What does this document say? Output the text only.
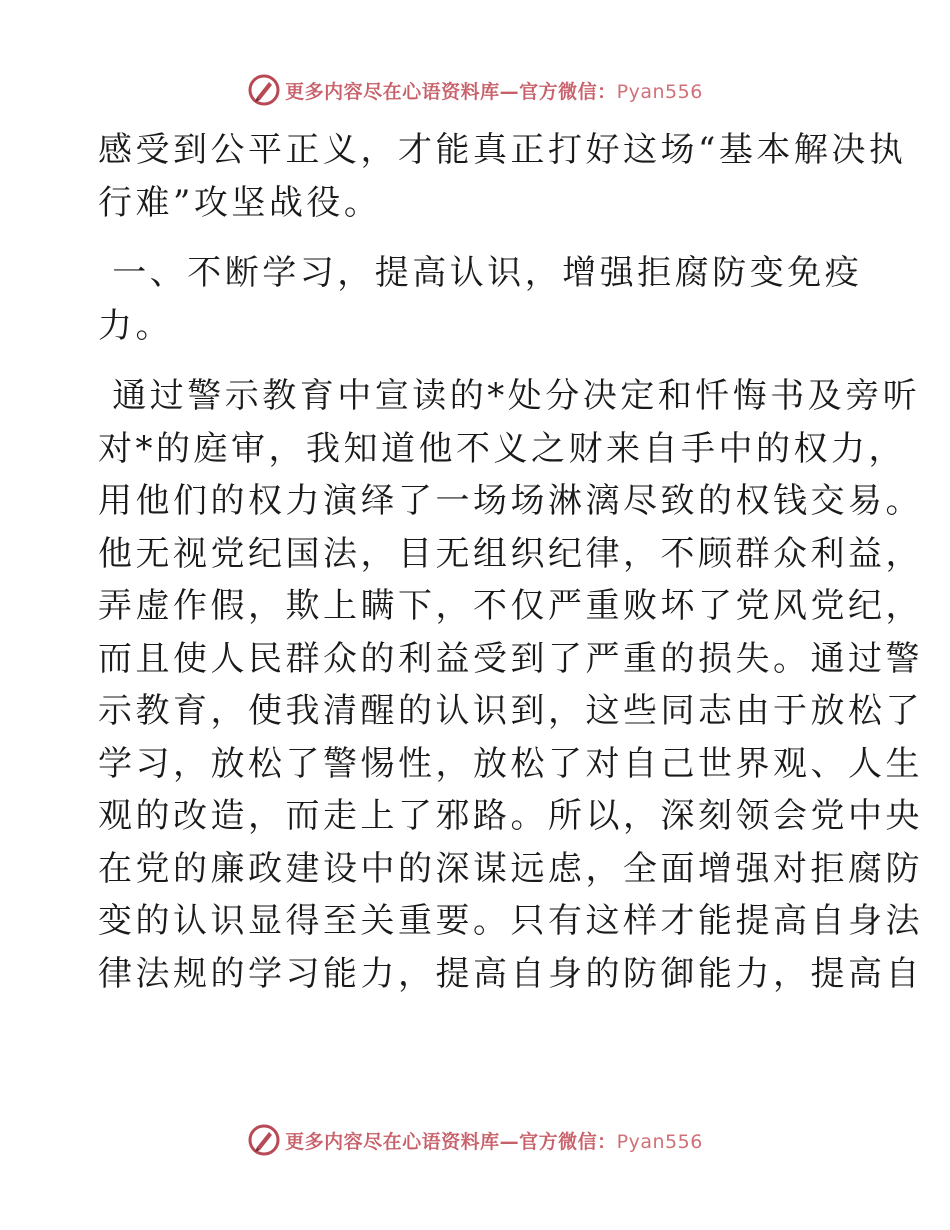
更多内容尽在心语资料库—官方微信：Pyan556

感受到公平正义，才能真正打好这场“基本解决执

行难”攻坚战役。

一、不断学习，提高认识，增强拒腐防变免疫

力。

通过警示教育中宣读的*处分决定和忏悔书及旁听

对*的庭审，我知道他不义之财来自手中的权力，

用他们的权力演绎了一场场淋漓尽致的权钱交易。

他无视党纪国法，目无组织纪律，不顾群众利益，

弄虚作假，欺上瞒下，不仅严重败坏了党风党纪，

而且使人民群众的利益受到了严重的损失。通过警

示教育，使我清醒的认识到，这些同志由于放松了

学习，放松了警惕性，放松了对自己世界观、人生

观的改造，而走上了邪路。所以，深刻领会党中央

在党的廉政建设中的深谋远虑，全面增强对拒腐防

变的认识显得至关重要。只有这样才能提高自身法

律法规的学习能力，提高自身的防御能力，提高自

更多内容尽在心语资料库—官方微信：Pyan556
